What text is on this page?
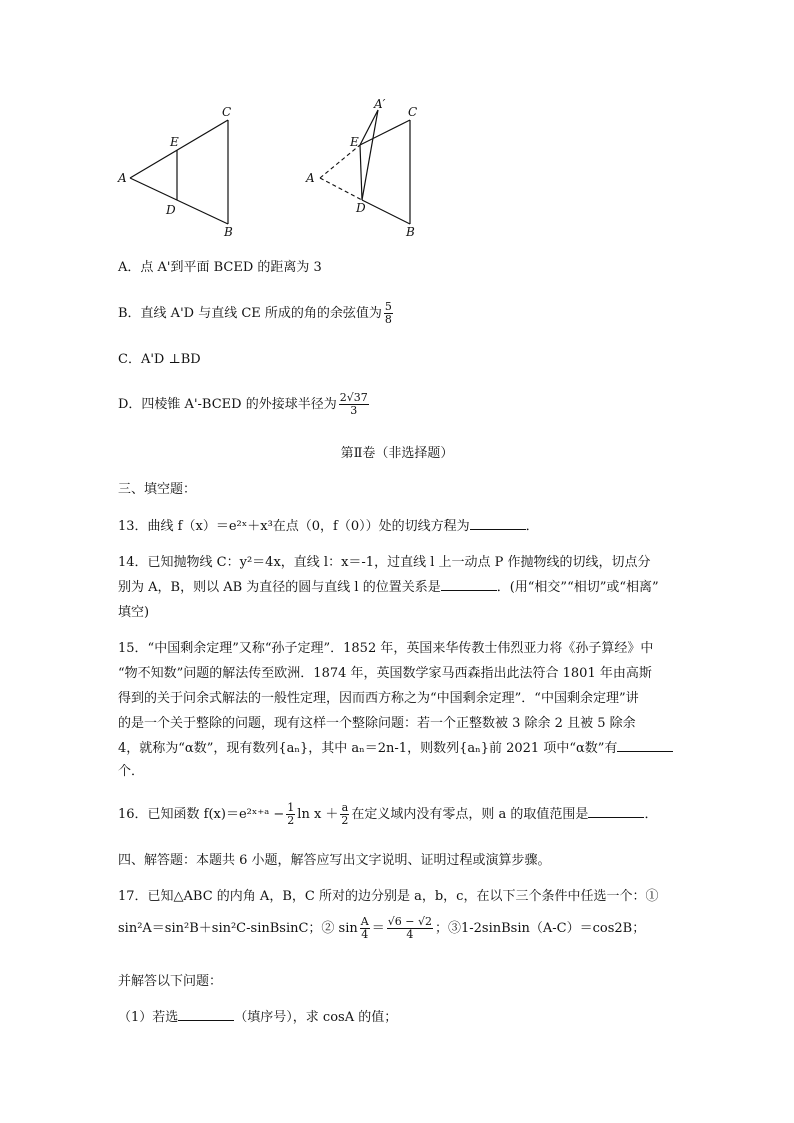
A
C
E
D
B
A′
C
E
A
D
B
A．点 A'到平面 BCED 的距离为 3
B．直线 A'D 与直线 CE 所成的角的余弦值为 $\frac{5}{8}$
C．A'D ⊥BD
D．四棱锥 A'-BCED 的外接球半径为 $\frac{2√37}{3}$
第Ⅱ卷（非选择题）
三、填空题：
13．曲线 f（x）＝e²ˣ＋x³在点（0，f（0））处的切线方程为	．
14．已知抛物线 C：y²＝4x，直线 l：x＝-1，过直线 l 上一动点 P 作抛物线的切线，切点分
别为 A，B，则以 AB 为直径的圆与直线 l 的位置关系是	．(用“相交”“相切”或“相离”
填空)
15．“中国剩余定理”又称“孙子定理”．1852 年，英国来华传教士伟烈亚力将《孙子算经》中
“物不知数”问题的解法传至欧洲．1874 年，英国数学家马西森指出此法符合 1801 年由高斯
得到的关于问余式解法的一般性定理，因而西方称之为“中国剩余定理”．“中国剩余定理”讲
的是一个关于整除的问题，现有这样一个整除问题：若一个正整数被 3 除余 2 且被 5 除余
4，就称为“α数”，现有数列{aₙ}，其中 aₙ＝2n-1，则数列{aₙ}前 2021 项中“α数”有
个．
16．已知函数 f(x)＝e²ˣ⁺ᵃ − $\frac{1}{2}$ $\ln x + \frac{a}{2}$ 在定义域内没有零点，则 a 的取值范围是	．
四、解答题：本题共 6 小题，解答应写出文字说明、证明过程或演算步骤。
17．已知△ABC 的内角 A，B，C 所对的边分别是 a，b，c，在以下三个条件中任选一个：①
sin²A＝sin²B＋sin²C-sinBsinC；② $\sin \frac{A}{4} = \frac{√6 - √2}{4}$ ；③1-2sinBsin（A-C）＝cos2B；
并解答以下问题：
（1）若选	（填序号），求 cosA 的值；
